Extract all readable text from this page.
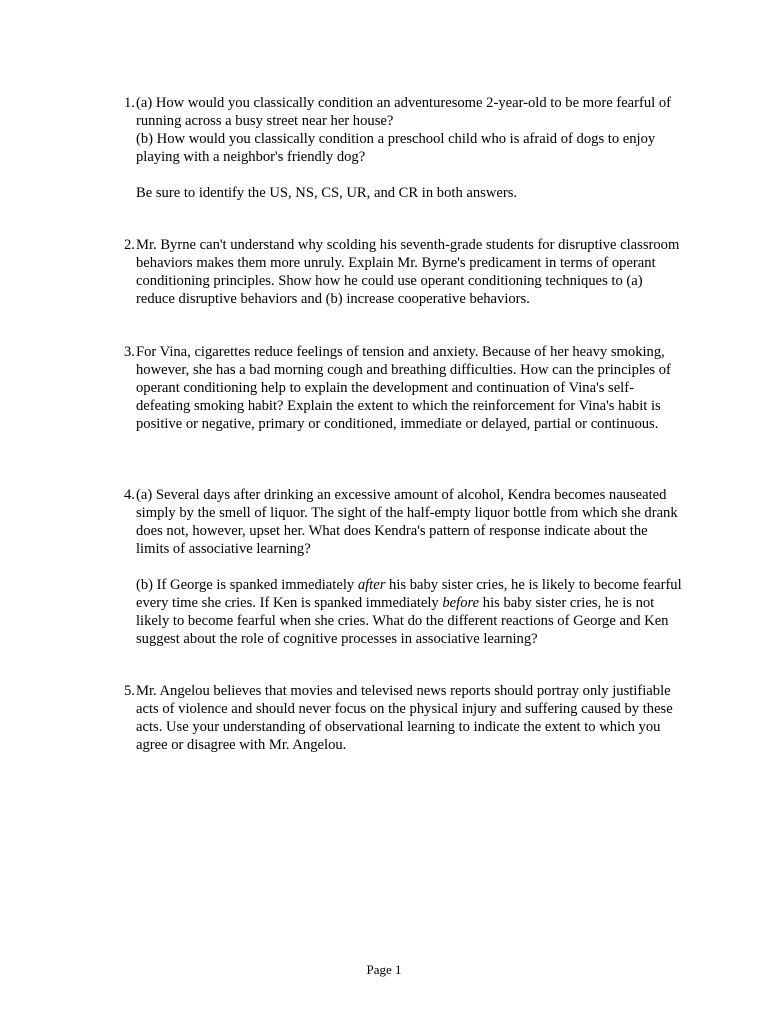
1. (a) How would you classically condition an adventuresome 2-year-old to be more fearful of running across a busy street near her house?

(b) How would you classically condition a preschool child who is afraid of dogs to enjoy playing with a neighbor's friendly dog?

Be sure to identify the US, NS, CS, UR, and CR in both answers.

2. Mr. Byrne can't understand why scolding his seventh-grade students for disruptive classroom behaviors makes them more unruly. Explain Mr. Byrne's predicament in terms of operant conditioning principles. Show how he could use operant conditioning techniques to (a) reduce disruptive behaviors and (b) increase cooperative behaviors.

3. For Vina, cigarettes reduce feelings of tension and anxiety. Because of her heavy smoking, however, she has a bad morning cough and breathing difficulties. How can the principles of operant conditioning help to explain the development and continuation of Vina's self-defeating smoking habit? Explain the extent to which the reinforcement for Vina's habit is positive or negative, primary or conditioned, immediate or delayed, partial or continuous.

4. (a) Several days after drinking an excessive amount of alcohol, Kendra becomes nauseated simply by the smell of liquor. The sight of the half-empty liquor bottle from which she drank does not, however, upset her. What does Kendra's pattern of response indicate about the limits of associative learning?

(b) If George is spanked immediately after his baby sister cries, he is likely to become fearful every time she cries. If Ken is spanked immediately before his baby sister cries, he is not likely to become fearful when she cries. What do the different reactions of George and Ken suggest about the role of cognitive processes in associative learning?

5. Mr. Angelou believes that movies and televised news reports should portray only justifiable acts of violence and should never focus on the physical injury and suffering caused by these acts. Use your understanding of observational learning to indicate the extent to which you agree or disagree with Mr. Angelou.

Page 1
